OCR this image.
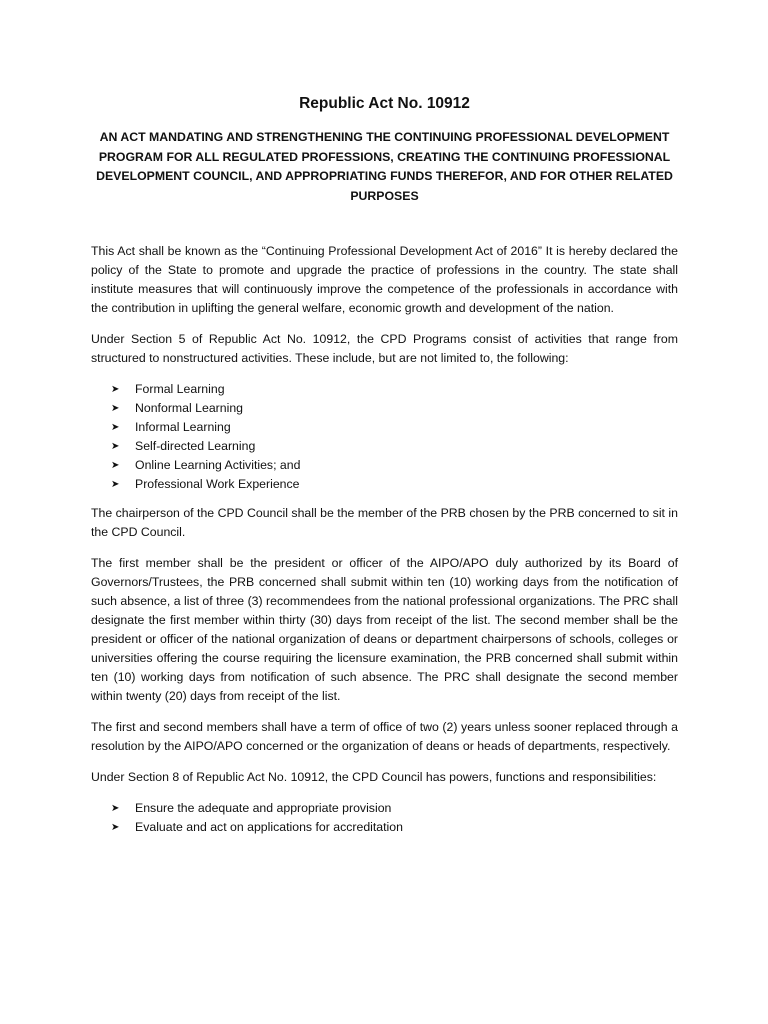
Republic Act No. 10912
AN ACT MANDATING AND STRENGTHENING THE CONTINUING PROFESSIONAL DEVELOPMENT PROGRAM FOR ALL REGULATED PROFESSIONS, CREATING THE CONTINUING PROFESSIONAL DEVELOPMENT COUNCIL, AND APPROPRIATING FUNDS THEREFOR, AND FOR OTHER RELATED PURPOSES

This Act shall be known as the “Continuing Professional Development Act of 2016” It is hereby declared the policy of the State to promote and upgrade the practice of professions in the country. The state shall institute measures that will continuously improve the competence of the professionals in accordance with the contribution in uplifting the general welfare, economic growth and development of the nation.

Under Section 5 of Republic Act No. 10912, the CPD Programs consist of activities that range from structured to nonstructured activities. These include, but are not limited to, the following:

➤	Formal Learning
➤	Nonformal Learning
➤	Informal Learning
➤	Self-directed Learning
➤	Online Learning Activities; and
➤	Professional Work Experience

The chairperson of the CPD Council shall be the member of the PRB chosen by the PRB concerned to sit in the CPD Council.

The first member shall be the president or officer of the AIPO/APO duly authorized by its Board of Governors/Trustees, the PRB concerned shall submit within ten (10) working days from the notification of such absence, a list of three (3) recommendees from the national professional organizations. The PRC shall designate the first member within thirty (30) days from receipt of the list. The second member shall be the president or officer of the national organization of deans or department chairpersons of schools, colleges or universities offering the course requiring the licensure examination, the PRB concerned shall submit within ten (10) working days from notification of such absence. The PRC shall designate the second member within twenty (20) days from receipt of the list.

The first and second members shall have a term of office of two (2) years unless sooner replaced through a resolution by the AIPO/APO concerned or the organization of deans or heads of departments, respectively.

Under Section 8 of Republic Act No. 10912, the CPD Council has powers, functions and responsibilities:

➤	Ensure the adequate and appropriate provision
➤	Evaluate and act on applications for accreditation
